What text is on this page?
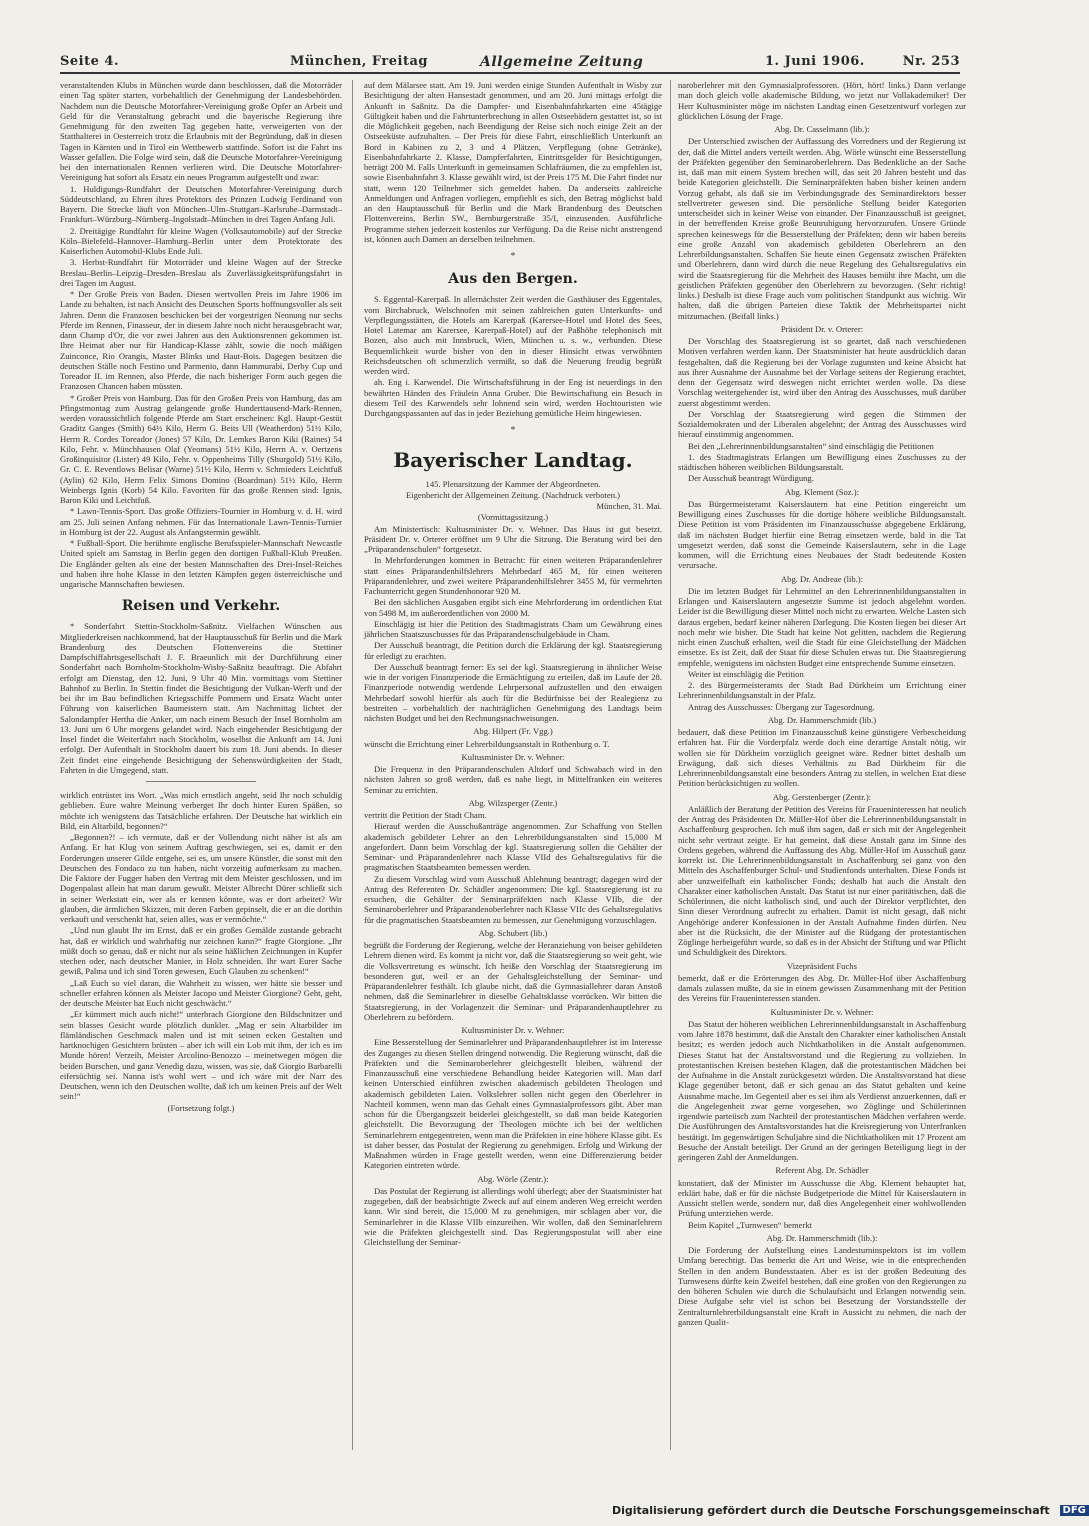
Seite 4.	München, Freitag	Allgemeine Zeitung	1. Juni 1906.	Nr. 253

veranstaltenden Klubs in München wurde dann beschlossen, daß die Motorräder einen Tag später starten, vorbehaltlich der Genehmigung der Landesbehörden. Nachdem nun die Deutsche Motorfahrer-Vereinigung große Opfer an Arbeit und Geld für die Veranstaltung gebracht und die bayerische Regierung ihre Genehmigung für den zweiten Tag gegeben hatte, verweigerten von der Statthalterei in Oesterreich trotz die Erlaubnis mit der Begründung, daß in diesen Tagen in Kärnten und in Tirol ein Wettbewerb stattfinde. Sofort ist die Fahrt ins Wasser gefallen. Die Folge wird sein, daß die Deutsche Motorfahrer-Vereinigung bei den internationalen Rennen verlieren wird. Die Deutsche Motorfahrer-Vereinigung hat sofort als Ersatz ein neues Programm aufgestellt und zwar:

1. Huldigungs-Rundfahrt der Deutschen Motorfahrer-Vereinigung durch Süddeutschland, zu Ehren ihres Protektors des Prinzen Ludwig Ferdinand von Bayern. Die Strecke läuft von München–Ulm–Stuttgart–Karlsruhe–Darmstadt–Frankfurt–Würzburg–Nürnberg–Ingolstadt–München in drei Tagen Anfang Juli.

2. Dreitägige Rundfahrt für kleine Wagen (Volksautomobile) auf der Strecke Köln–Bielefeld–Hannover–Hamburg–Berlin unter dem Protektorate des Kaiserlichen Automobil-Klubs Ende Juli.

3. Herbst-Rundfahrt für Motorräder und kleine Wagen auf der Strecke Breslau–Berlin–Leipzig–Dresden–Breslau als Zuverlässigkeitsprüfungsfahrt in drei Tagen im August.

* Der Große Preis von Baden. Diesen wertvollen Preis im Jahre 1906 im Lande zu behalten, ist nach Ansicht des Deutschen Sports hoffnungsvoller als seit Jahren. Denn die Franzosen beschicken bei der vorgestrigen Nennung nur sechs Pferde im Rennen, Finasseur, der in diesem Jahre noch nicht herausgebracht war, dann Champ d'Or, die vor zwei Jahren aus den Auktionsrennen gekommen ist. Ihre Heimat aber nur für Handicap-Klasse zählt, sowie die noch mäßigen Zuinconce, Rio Orangis, Master Blinks und Haut-Bois. Dagegen besitzen die deutschen Ställe noch Festino und Parmenio, dann Hammurabi, Derby Cup und Toreador II. im Rennen, also Pferde, die nach bisheriger Form auch gegen die Franzosen Chancen haben müssten.

* Großer Preis von Hamburg. Das für den Großen Preis von Hamburg, das am Pfingstmontag zum Austrag gelangende große Hunderttausend-Mark-Rennen, werden voraussichtlich folgende Pferde am Start erscheinen: Kgl. Haupt-Gestüt Graditz Ganges (Smith) 64½ Kilo, Herrn G. Beits Ull (Weatherdon) 51½ Kilo, Herrn R. Cordes Toreador (Jones) 57 Kilo, Dr. Lemkes Baron Kiki (Raines) 54 Kilo, Fehr. v. Münchhausen Olaf (Yeomans) 51½ Kilo, Herrn A. v. Oertzens Großinquisitor (Lister) 49 Kilo, Fehr. v. Oppenheims Tilly (Shurgold) 51½ Kilo, Gr. C. E. Reventlows Belisar (Warne) 51½ Kilo, Herrn v. Schmieders Leichtfuß (Aylin) 62 Kilo, Herrn Felix Simons Domino (Boardman) 51½ Kilo, Herrn Weinbergs Ignis (Korb) 54 Kilo. Favoriten für das große Rennen sind: Ignis, Baron Kiki und Leichtfuß.

* Lawn-Tennis-Sport. Das große Offiziers-Tournier in Homburg v. d. H. wird am 25. Juli seinen Anfang nehmen. Für das Internationale Lawn-Tennis-Turnier in Homburg ist der 22. August als Anfangstermin gewählt.

* Fußball-Sport. Die berühmte englische Berufsspieler-Mannschaft Newcastle United spielt am Samstag in Berlin gegen den dortigen Fußball-Klub Preußen. Die Engländer gelten als eine der besten Mannschaften des Drei-Insel-Reiches und haben ihre hohe Klasse in den letzten Kämpfen gegen österreichische und ungarische Mannschaften bewiesen.

Reisen und Verkehr.

* Sonderfahrt Stettin-Stockholm-Saßnitz. Vielfachen Wünschen aus Mitgliederkreisen nachkommend, hat der Hauptausschuß für Berlin und die Mark Brandenburg des Deutschen Flottenvereins die Stettiner Dampfschiffahrtsgesellschaft J. F. Braeunlich mit der Durchführung einer Sonderfahrt nach Bornholm-Stockholm-Wisby-Saßnitz beauftragt. Die Abfahrt erfolgt am Dienstag, den 12. Juni, 9 Uhr 40 Min. vormittags vom Stettiner Bahnhof zu Berlin. In Stettin findet die Besichtigung der Vulkan-Werft und der bei ihr im Bau befindlichen Kriegsschiffe Pommern und Ersatz Wacht unter Führung von kaiserlichen Baumeistern statt. Am Nachmittag lichtet der Salondampfer Hertha die Anker, um nach einem Besuch der Insel Bornholm am 13. Juni um 6 Uhr morgens gelandet wird. Nach eingehender Besichtigung der Insel findet die Weiterfahrt nach Stockholm, woselbst die Ankunft am 14. Juni erfolgt. Der Aufenthalt in Stockholm dauert bis zum 18. Juni abends. In dieser Zeit findet eine eingehende Besichtigung der Sehenswürdigkeiten der Stadt, Fahrten in die Umgegend, statt.

wirklich entrüstet ins Wort. „Was mich ernstlich angeht, seid Ihr noch schuldig geblieben. Eure wahre Meinung verberget Ihr doch hinter Euren Späßen, so möchte ich wenigstens das Tatsächliche erfahren. Der Deutsche hat wirklich ein Bild, ein Altarbild, begonnen?“

„Begonnen?! – ich vermute, daß er der Vollendung nicht näher ist als am Anfang. Er hat Klug von seinem Auftrag geschwiegen, sei es, damit er den Forderungen unserer Gilde entgehe, sei es, um unsere Künstler, die sonst mit den Deutschen des Fondaco zu tun haben, nicht vorzeitig aufmerksam zu machen. Die Faktore der Fugger haben den Vertrag mit dem Meister geschlossen, und im Dogenpalast allein hat man darum gewußt. Meister Albrecht Dürer schließt sich in seiner Werkstatt ein, wer als er kennen könnte, was er dort arbeitet? Wir glauben, die ärmlichen Skizzen, mit deren Farben gepinselt, die er an die dorthin verkauft und verschenkt hat, seien alles, was er vermöchte.“

„Und nun glaubt Ihr im Ernst, daß er ein großes Gemälde zustande gebracht hat, daß er wirklich und wahrhaftig nur zeichnen kann?“ fragte Giorgione. „Ihr müßt doch so genau, daß er nicht nur als seine häßlichen Zeichnungen in Kupfer stechen oder, nach deutscher Manier, in Holz schneiden. Ihr wart Eurer Sache gewiß, Palma und ich sind Toren gewesen, Euch Glauben zu schenken!“

„Laß Euch so viel daran, die Wahrheit zu wissen, wer hätte sie besser und schneller erfahren können als Meister Jacopo und Meister Giorgione? Geht, geht, der deutsche Meister hat Euch nicht geschwächt.“

„Er kümmert mich auch nicht!“ unterbrach Giorgione den Bildschnitzer und sein blasses Gesicht wurde plötzlich dunkler. „Mag er sein Altarbilder im flämländischen Geschmack malen und ist mit seinen ecken Gestalten und hartknochigen Gesichtern brüsten – aber ich will ein Lob mit ihm, der ich es im Munde hören! Verzeih, Meister Arcolino-Benozzo – meinetwegen mögen die beiden Burschen, und ganz Venedig dazu, wissen, was sie, daß Giorgio Barbarelli eifersüchtig sei. Nanna ist's wohl wert – und ich wäre mit der Narr des Deutschen, wenn ich den Deutschen wollte, daß ich um keinen Preis auf der Welt sein!“

(Fortsetzung folgt.)

auf dem Mälarsee statt. Am 19. Juni werden einige Stunden Aufenthalt in Wisby zur Besichtigung der alten Hansestadt genommen, und am 20. Juni mittags erfolgt die Ankunft in Saßnitz. Da die Dampfer- und Eisenbahnfahrkarten eine 45tägige Gültigkeit haben und die Fahrtunterbrechung in allen Ostseebädern gestattet ist, so ist die Möglichkeit gegeben, nach Beendigung der Reise sich noch einige Zeit an der Ostseeküste aufzuhalten. – Der Preis für diese Fahrt, einschließlich Unterkunft an Bord in Kabinen zu 2, 3 und 4 Plätzen, Verpflegung (ohne Getränke), Eisenbahnfahrkarte 2. Klasse, Dampferfahrten, Eintrittsgelder für Besichtigungen, beträgt 200 M. Falls Unterkunft in gemeinsamen Schlafräumen, die zu empfehlen ist, sowie Eisenbahnfahrt 3. Klasse gewählt wird, ist der Preis 175 M. Die Fahrt findet nur statt, wenn 120 Teilnehmer sich gemeldet haben. Da anderseits zahlreiche Anmeldungen und Anfragen vorliegen, empfiehlt es sich, den Betrag möglichst bald an den Hauptausschuß für Berlin und die Mark Brandenburg des Deutschen Flottenvereins, Berlin SW., Bernburgerstraße 35/I, einzusenden. Ausführliche Programme stehen jederzeit kostenlos zur Verfügung. Da die Reise nicht anstrengend ist, können auch Damen an derselben teilnehmen.

*
Aus den Bergen.

S. Eggental-Karerpaß. In allernächster Zeit werden die Gasthäuser des Eggentales, vom Birchabruck, Welschnofen mit seinen zahlreichen guten Unterkunfts- und Verpflegungsstätten, die Hotels am Karerpaß (Karersee-Hotel und Hotel des Sees, Hotel Latemar am Karersee, Karerpaß-Hotel) auf der Paßhöhe telephonisch mit Bozen, also auch mit Innsbruck, Wien, München u. s. w., verbunden. Diese Bequemlichkeit wurde bisher von den in dieser Hinsicht etwas verwöhnten Reichsdeutschen oft schmerzlich vermißt, so daß die Neuerung freudig begrüßt werden wird.

ah. Eng i. Karwendel. Die Wirtschaftsführung in der Eng ist neuerdings in den bewährten Händen des Fräulein Anna Gruber. Die Bewirtschaftung ein Besuch in diesem Teil des Karwendels sehr lohnend sein wird, werden Hochtouristen wie Durchgangspassanten auf das in jeder Beziehung gemütliche Heim hingewiesen.

*
Bayerischer Landtag.

145. Plenarsitzung der Kammer der Abgeordneten.

Eigenbericht der Allgemeinen Zeitung. (Nachdruck verboten.)

München, 31. Mai.

(Vormittagssitzung.)

Am Ministertisch: Kultusminister Dr. v. Wehner. Das Haus ist gut besetzt. Präsident Dr. v. Orterer eröffnet um 9 Uhr die Sitzung. Die Beratung wird bei den „Präparandenschulen“ fortgesetzt.

In Mehrforderungen kommen in Betracht: für einen weiteren Präparandenlehrer statt eines Präparandenhilfslehrers Mehrbedarf 465 M, für einen weiteren Präparandenlehrer, und zwei weitere Präparandenhilfslehrer 3455 M, für vermehrten Fachunterricht gegen Stundenhonorar 920 M.

Bei den sächlichen Ausgaben ergibt sich eine Mehrforderung im ordentlichen Etat von 5498 M, im außerordentlichen von 2000 M.

Einschlägig ist hier die Petition des Stadtmagistrats Cham um Gewährung eines jährlichen Staatszuschusses für das Präparandenschulgebäude in Cham.

Der Ausschuß beantragt, die Petition durch die Erklärung der kgl. Staatsregierung für erledigt zu erachten.

Der Ausschuß beantragt ferner: Es sei der kgl. Staatsregierung in ähnlicher Weise wie in der vorigen Finanzperiode die Ermächtigung zu erteilen, daß im Laufe der 28. Finanzperiode notwendig werdende Lehrpersonal aufzustellen und den etwaigen Mehrbedarf sowohl hierfür als auch für die Bedürfnisse bei der Realegienz zu bestreiten – vorbehaltlich der nachträglichen Genehmigung des Landtags beim nächsten Budget und bei den Rechnungsnachweisungen.

Abg. Hilpert (Fr. Vgg.)

wünscht die Errichtung einer Lehrerbildungsanstalt in Rothenburg o. T.

Kultusminister Dr. v. Wehner:

Die Frequenz in den Präparandenschulen Altdorf und Schwabach wird in den nächsten Jahren so groß werden, daß es nahe liegt, in Mittelfranken ein weiteres Seminar zu errichten.

Abg. Wilzsperger (Zentr.)

vertritt die Petition der Stadt Cham.

Hierauf werden die Ausschußanträge angenommen. Zur Schaffung von Stellen akademisch gebildeter Lehrer an den Lehrerbildungsanstalten sind 15,000 M angefordert. Dann beim Vorschlag der kgl. Staatsregierung sollen die Gehälter der Seminar- und Präparandenlehrer nach Klasse VIId des Gehaltsregulativs für die pragmatischen Staatsbeamten bemessen werden.

Zu diesem Vorschlag wird vom Ausschuß Ablehnung beantragt; dagegen wird der Antrag des Referenten Dr. Schädler angenommen: Die kgl. Staatsregierung ist zu ersuchen, die Gehälter der Seminarpräfekten nach Klasse VIIb, die der Seminaroberlehrer und Präparandenoberlehrer nach Klasse VIIc des Gehaltsregulativs für die pragmatischen Staatsbeamten zu bemessen, zur Genehmigung vorzuschlagen.

Abg. Schubert (lib.)

begrüßt die Forderung der Regierung, welche der Heranziehung von beiser gebildeten Lehrern dienen wird. Es kommt ja nicht vor, daß die Staatsregierung so weit geht, wie die Volksvertretung es wünscht. Ich heiße den Vorschlag der Staatsregierung im besonderen gut, weil er an der Gehaltsgleichstellung der Seminar- und Präparandenlehrer festhält. Ich glaube nicht, daß die Gymnasiallehrer daran Anstoß nehmen, daß die Seminarlehrer in dieselbe Gehaltsklasse vorrücken. Wir bitten die Staatsregierung, in der Vorlagenzeit die Seminar- und Präparandenhauptlehrer zu Oberlehrern zu befördern.

Kultusminister Dr. v. Wehner:

Eine Besserstellung der Seminarlehrer und Präparandenhauptlehrer ist im Interesse des Zuganges zu diesen Stellen dringend notwendig. Die Regierung wünscht, daß die Präfekten und die Seminaroberlehrer gleichgestellt bleiben, während der Finanzausschuß eine verschiedene Behandlung beider Kategorien will. Man darf keinen Unterschied einführen zwischen akademisch gebildeten Theologen und akademisch gebildeten Laien. Volkslehrer sollen nicht gegen den Oberlehrer in Nachteil kommen, wenn man das Gehalt eines Gymnasialprofessors gibt. Aber man schon für die Übergangszeit beiderlei gleichgestellt, so daß man beide Kategorien gleichstellt. Die Bevorzugung der Theologen möchte ich bei der weltlichen Seminarlehrern entgegentreten, wenn man die Präfekten in eine höhere Klasse gibt. Es ist daher besser, das Postulat der Regierung zu genehmigen. Erfolg und Wirkung der Maßnahmen würden in Frage gestellt werden, wenn eine Differenzierung beider Kategorien eintreten würde.

Abg. Wörle (Zentr.):

Das Postulat der Regierung ist allerdings wohl überlegt; aber der Staatsminister hat zugegeben, daß der beabsichtigte Zweck auf auf einem anderen Weg erreicht werden kann. Wir sind bereit, die 15,000 M zu genehmigen, mir schlagen aber vor, die Seminarlehrer in die Klasse VIIb einzureihen. Wir wollen, daß den Seminarlehrern wie die Präfekten gleichgestellt sind. Das Regierungspostulat will aber eine Gleichstellung der Seminar-

naroberlehrer mit den Gymnasialprofessoren. (Hört, hört! links.) Dann verlange man doch gleich volle akademische Bildung, wo jetzt nur Vollakademiker! Der Herr Kultusminister möge im nächsten Landtag einen Gesetzentwurf vorlegen zur glücklichen Lösung der Frage.

Abg. Dr. Casselmann (lib.):

Der Unterschied zwischen der Auffassung des Vorredners und der Regierung ist der, daß die Mittel anders verteilt werden. Abg. Wörle wünscht eine Besserstellung der Präfekten gegenüber den Seminaroberlehrern. Das Bedenkliche an der Sache ist, daß man mit einem System brechen will, das seit 20 Jahren besteht und das beide Kategorien gleichstellt. Die Seminarpräfekten haben bisher keinen andern Vorzug gehabt, als daß sie im Verbindungsgrade des Seminardirektors besser stellvertreter gewesen sind. Die persönliche Stellung beider Kategorien unterscheidet sich in keiner Weise von einander. Der Finanzausschuß ist geeignet, in der betreffenden Kreise große Beunruhigung hervorzurufen. Unsere Gründe sprechen keineswegs für die Besserstellung der Präfekten; denn wir haben bereits eine große Anzahl von akademisch gebildeten Oberlehrern an den Lehrerbildungsanstalten. Schaffen Sie heute einen Gegensatz zwischen Präfekten und Oberlehrern, dann wird durch die neue Regelung des Gehaltsregulativs ein wird die Staatsregierung für die Mehrheit des Hauses bemüht ihre Macht, um die geistlichen Präfekten gegenüber den Oberlehrern zu bevorzugen. (Sehr richtig! links.) Deshalb ist diese Frage auch vom politischen Standpunkt aus wichtig. Wir halten, daß die übrigen Parteien diese Taktik der Mehrheitspartei nicht mitzumachen. (Beifall links.)

Präsident Dr. v. Orterer:

Der Vorschlag des Staatsregierung ist so geartet, daß nach verschiedenen Motiven verfahren werden kann. Der Staatsminister hat heute ausdrücklich daran festgehalten, daß die Regierung bei der Vorlage zugunsten und keine Absicht hat aus ihrer Ausnahme der Ausnahme bei der Vorlage seitens der Regierung erachtet, denn der Gegensatz wird deswegen nicht errichtet werden wolle. Da diese Vorschlag weitergehender ist, wird über den Antrag des Ausschusses, muß darüber zuerst abgestimmt werden.

Der Vorschlag der Staatsregierung wird gegen die Stimmen der Sozialdemokraten und der Liberalen abgelehnt; der Antrag des Ausschusses wird hierauf einstimmig angenommen.

Bei den „Lehrerinnenbildungsanstalten“ sind einschlägig die Petitionen

1. des Stadtmagistrats Erlangen um Bewilligung eines Zuschusses zu der städtischen höheren weiblichen Bildungsanstalt.

Der Ausschuß beantragt Würdigung.

Abg. Klement (Soz.):

Das Bürgermeisteramt Kaiserslautern hat eine Petition eingereicht um Bewilligung eines Zuschusses für die dortige höhere weibliche Bildungsanstalt. Diese Petition ist vom Präsidenten im Finanzausschusse abgegebene Erklärung, daß im nächsten Budget hierfür eine Betrag einsetzen werde, bald in die Tat umgesetzt werden, daß sonst die Gemeinde Kaiserslautern, sehr in die Lage kommen, will die Errichtung eines Neubaues der Stadt bedeutende Kosten verursache.

Abg. Dr. Andreae (lib.):

Die im letzten Budget für Lehrmittel an den Lehrerinnenbildungsanstalten in Erlangen und Kaiserslautern angesetzte Summe ist jedoch abgelehnt worden. Leider ist die Bewilligung dieser Mittel noch nicht zu erwarten. Welche Lasten sich daraus ergeben, bedarf keiner näheren Darlegung. Die Kosten liegen bei dieser Art noch mehr wie bisher. Die Stadt hat keine Not gelitten, nachdem die Regierung nicht einen Zuschuß erhalten, weil die Stadt für eine Gleichstellung der Mädchen einsetze. Es ist Zeit, daß der Staat für diese Schulen etwas tut. Die Staatsregierung empfehle, wenigstens im nächsten Budget eine entsprechende Summe einsetzen.

Weiter ist einschlägig die Petition

2. des Bürgermeisteramts der Stadt Bad Dürkheim um Errichtung einer Lehrerinnenbildungsanstalt in der Pfalz.

Antrag des Ausschusses: Übergang zur Tagesordnung.

Abg. Dr. Hammerschmidt (lib.)

bedauert, daß diese Petition im Finanzausschuß keine günstigere Verbescheidung erfahren hat. Für die Vorderpfalz werde doch eine derartige Anstalt nötig, wir wollen sie für Dürkheim vorzüglich geeignet wäre. Redner bittet deshalb um Erwägung, daß sich dieses Verhältnis zu Bad Dürkheim für die Lehrerinnenbildungsanstalt eine besonders Antrag zu stellen, in welchen Etat diese Petition berücksichtigen zu wollen.

Abg. Gerstenberger (Zentr.):

Anläßlich der Beratung der Petition des Vereins für Fraueninteressen hat neulich der Antrag des Präsidenten Dr. Müller-Hof über die Lehrerinnenbildungsanstalt in Aschaffenburg gesprochen. Ich muß ihm sagen, daß er sich mit der Angelegenheit nicht sehr vertraut zeigte. Er hat gemeint, daß diese Anstalt ganz im Sinne des Ordens gegeben, während die Auffassung des Abg. Müller-Hof im Ausschuß ganz korrekt ist. Die Lehrerinnenbildungsanstalt in Aschaffenburg sei ganz von den Mitteln des Aschaffenburger Schul- und Studienfonds unterhalten. Diese Fonds ist aber unzweifelhaft ein katholischer Fonds; deshalb hat auch die Anstalt den Charakter einer katholischen Anstalt. Das Statut ist nur einer paritätischen, daß die Schülerinnen, die nicht katholisch sind, und auch der Direktor verpflichtet, den Sinn dieser Verordnung aufrecht zu erhalten. Damit ist nicht gesagt, daß nicht Angehörige anderer Konfessionen in der Anstalt Aufnahme finden dürfen. Neu aber ist die Rücksicht, die der Minister auf die Rüdgang der protestantischen Zöglinge herbeigeführt wurde, so daß es in der Absicht der Stiftung und war Pflicht und Schuldigkeit des Direktors.

Vizepräsident Fuchs

bemerkt, daß er die Erörterungen des Abg. Dr. Müller-Hof über Aschaffenburg damals zulassen mußte, da sie in einem gewissen Zusammenhang mit der Petition des Vereins für Fraueninteressen standen.

Kultusminister Dr. v. Wehner:

Das Statut der höheren weiblichen Lehrerinnenbildungsanstalt in Aschaffenburg vom Jahre 1878 bestimmt, daß die Anstalt den Charakter einer katholischen Anstalt besitzt; es werden jedoch auch Nichtkatholiken in die Anstalt aufgenommen. Dieses Statut hat der Anstaltsvorstand und die Regierung zu vollziehen. In protestantischen Kreisen bestehen Klagen, daß die protestantischen Mädchen bei der Aufnahme in die Anstalt zurückgesetzt würden. Die Anstaltsvorstand hat diese Klage gegenüber betont, daß er sich genau an das Statut gehalten und keine Ausnahme mache. Im Gegenteil aber es sei ihm als Verdienst anzuerkennen, daß er die Angelegenheit zwar gerne vorgesehen, wo Zöglinge und Schülerinnen irgendwie parteiisch zum Nachteil der protestantischen Mädchen verfahren werde. Die Ausführungen des Anstaltsvorstandes hat die Kreisregierung von Unterfranken bestätigt. Im gegenwärtigen Schuljahre sind die Nichtkatholiken mit 17 Prozent am Besuche der Anstalt beteiligt. Der Grund an der geringen Beteiligung liegt in der geringeren Zahl der Anmeldungen.

Referent Abg. Dr. Schädler

konstatiert, daß der Minister im Ausschusse die Abg. Klement behauptet hat, erklärt habe, daß er für die nächste Budgetperiode die Mittel für Kaiserslautern in Aussicht stellen werde, sondern nur, daß dies Angelegenheit einer wohlwollenden Prüfung unterziehen werde.

Beim Kapitel „Turnwesen“ bemerkt

Abg. Dr. Hammerschmidt (lib.):

Die Forderung der Aufstellung eines Landesturninspektors ist im vollem Umfang berechtigt. Das bemerkt die Art und Weise, wie in die entsprechenden Stellen in den andern Bundesstaaten. Aber es ist der großen Bedeutung des Turnwesens dürfte kein Zweifel bestehen, daß eine großen von den Regierungen zu den höheren Schulen wie durch die Schulaufsicht und Erlangen notwendig sein. Diese Aufgabe sehr viel ist schon bei Besetzung der Vorstandsstelle der Zentralturnlehrerbildungsanstalt eine Kraft in Aussicht zu nehmen, die nach der ganzen Qualit-

Digitalisierung gefördert durch die Deutsche Forschungsgemeinschaft DFG
